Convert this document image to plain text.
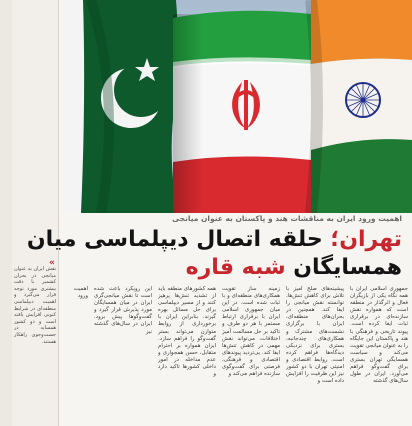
«
نقش ایران به عنوان میانجی در بحران کشمیر با دقت بیشتری مورد توجه قرار می‌گیرد و اهمیت دیپلماسی منطقه‌ای در شرایط کنونی افزایش یافته است و دو کشور همسایه در جست‌وجوی راهکار هستند.
اهمیت ورود ایران به مناقشات هند و پاکستان به عنوان میانجی
تهران؛ حلقه اتصال دیپلماسی میان
همسایگان شبه قاره
جمهوری اسلامی ایران با همه نگاه یکی از بازیگران فعال و اثرگذار در منطقه است که همواره نقش سازنده‌ای در برقراری ثبات ایفا کرده است. پیوند تاریخی و فرهنگی با هند و پاکستان این جایگاه را به عنوان میانجی تقویت می‌کند و سیاست همسایگی تهران بستری برای گفت‌وگو فراهم می‌آورد. ایران در طول سال‌های گذشته
پیشینه‌های صلح آمیز با تلاش برای کاهش تنش‌ها، توانسته نقش میانجی را ایفا کند. همچنین در بحران‌های منطقه‌ای، ایران با برگزاری نشست‌های مشترک و همکاری‌های چندجانبه، بستری برای نزدیکی دیدگاه‌ها فراهم کرده است. روابط اقتصادی و امنیتی تهران با دو کشور نیز این ظرفیت را افزایش داده است و
زمینه ساز تقویت همکاری‌های منطقه‌ای و با ثبات شده است. در این میان جمهوری اسلامی ایران با برقراری ارتباط مستمر با هر دو طرف و تاکید بر حل مسالمت آمیز اختلافات، می‌تواند نقش مهمی در کاهش تنش‌ها ایفا کند. بی‌تردید پیوندهای اقتصادی و فرهنگی، فرصتی برای گفت‌وگوی سازنده فراهم می‌کند و
همه کشورهای منطقه باید از تشدید تنش‌ها پرهیز کنند و از مسیر دیپلماسی برای حل مسائل بهره گیرند. بنابراین ایران با برخورداری از روابط متوازن می‌تواند بستر گفت‌وگو را فراهم سازد. ایران همواره بر احترام متقابل، حسن همجواری و عدم مداخله در امور داخلی کشورها تاکید دارد و
این رویکرد باعث شده است تا نقش میانجی‌گری ایران در میان همسایگان مورد پذیرش قرار گیرد و گفت‌وگوها پیش برود. ایران در سال‌های گذشته نیز
اهمیت ورود
